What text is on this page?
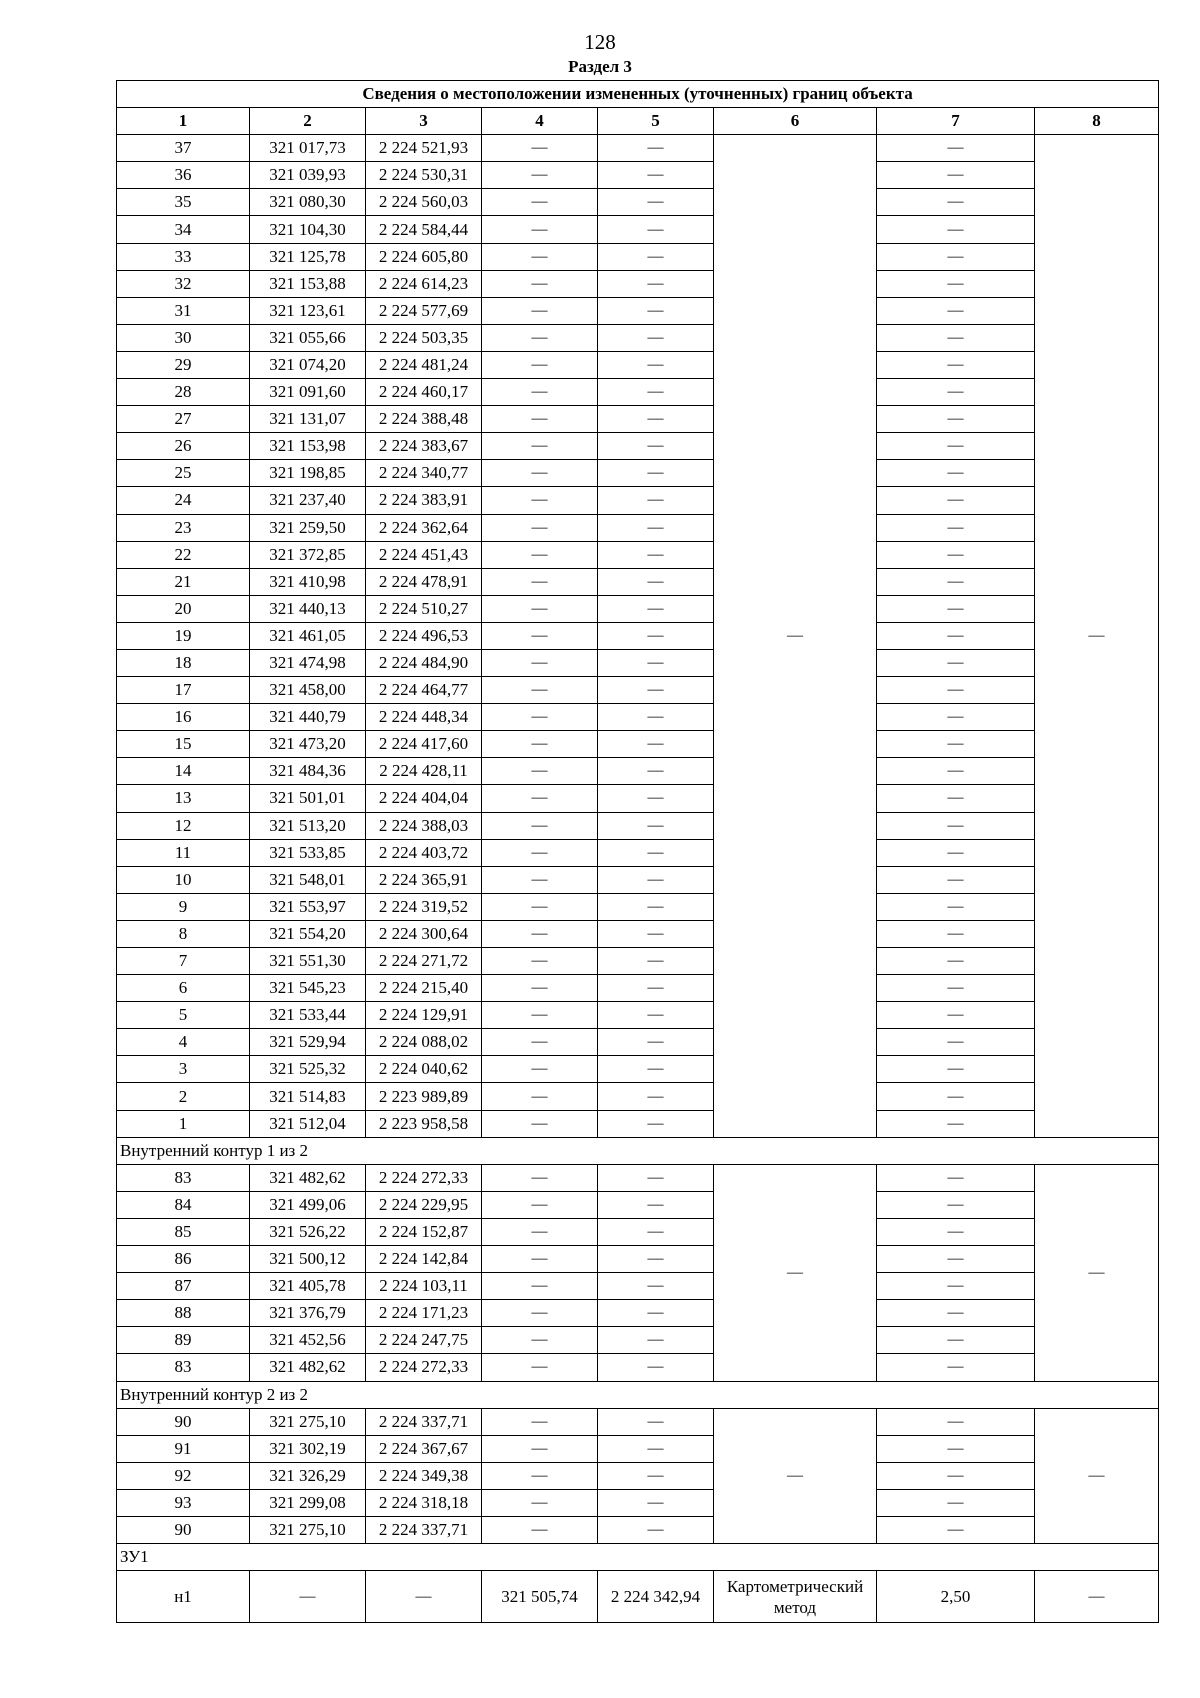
128
Раздел 3
Сведения о местоположении измененных (уточненных) границ объекта							
1	2	3	4	5	6	7	8
37	321 017,73	2 224 521,93	—	—	—	—	—
36	321 039,93	2 224 530,31	—	—		—	
35	321 080,30	2 224 560,03	—	—		—	
34	321 104,30	2 224 584,44	—	—		—	
33	321 125,78	2 224 605,80	—	—		—	
32	321 153,88	2 224 614,23	—	—		—	
31	321 123,61	2 224 577,69	—	—		—	
30	321 055,66	2 224 503,35	—	—		—	
29	321 074,20	2 224 481,24	—	—		—	
28	321 091,60	2 224 460,17	—	—		—	
27	321 131,07	2 224 388,48	—	—		—	
26	321 153,98	2 224 383,67	—	—		—	
25	321 198,85	2 224 340,77	—	—		—	
24	321 237,40	2 224 383,91	—	—		—	
23	321 259,50	2 224 362,64	—	—		—	
22	321 372,85	2 224 451,43	—	—		—	
21	321 410,98	2 224 478,91	—	—		—	
20	321 440,13	2 224 510,27	—	—		—	
19	321 461,05	2 224 496,53	—	—		—	
18	321 474,98	2 224 484,90	—	—		—	
17	321 458,00	2 224 464,77	—	—		—	
16	321 440,79	2 224 448,34	—	—		—	
15	321 473,20	2 224 417,60	—	—		—	
14	321 484,36	2 224 428,11	—	—		—	
13	321 501,01	2 224 404,04	—	—		—	
12	321 513,20	2 224 388,03	—	—		—	
11	321 533,85	2 224 403,72	—	—		—	
10	321 548,01	2 224 365,91	—	—		—	
9	321 553,97	2 224 319,52	—	—		—	
8	321 554,20	2 224 300,64	—	—		—	
7	321 551,30	2 224 271,72	—	—		—	
6	321 545,23	2 224 215,40	—	—		—	
5	321 533,44	2 224 129,91	—	—		—	
4	321 529,94	2 224 088,02	—	—		—	
3	321 525,32	2 224 040,62	—	—		—	
2	321 514,83	2 223 989,89	—	—		—	
1	321 512,04	2 223 958,58	—	—		—	
Внутренний контур 1 из 2							
83	321 482,62	2 224 272,33	—	—	—	—	—
84	321 499,06	2 224 229,95	—	—		—	
85	321 526,22	2 224 152,87	—	—		—	
86	321 500,12	2 224 142,84	—	—		—	
87	321 405,78	2 224 103,11	—	—		—	
88	321 376,79	2 224 171,23	—	—		—	
89	321 452,56	2 224 247,75	—	—		—	
83	321 482,62	2 224 272,33	—	—		—	
Внутренний контур 2 из 2							
90	321 275,10	2 224 337,71	—	—	—	—	—
91	321 302,19	2 224 367,67	—	—		—	
92	321 326,29	2 224 349,38	—	—		—	
93	321 299,08	2 224 318,18	—	—		—	
90	321 275,10	2 224 337,71	—	—		—	
ЗУ1							
н1	—	—	321 505,74	2 224 342,94	Картометрический метод	2,50	—
